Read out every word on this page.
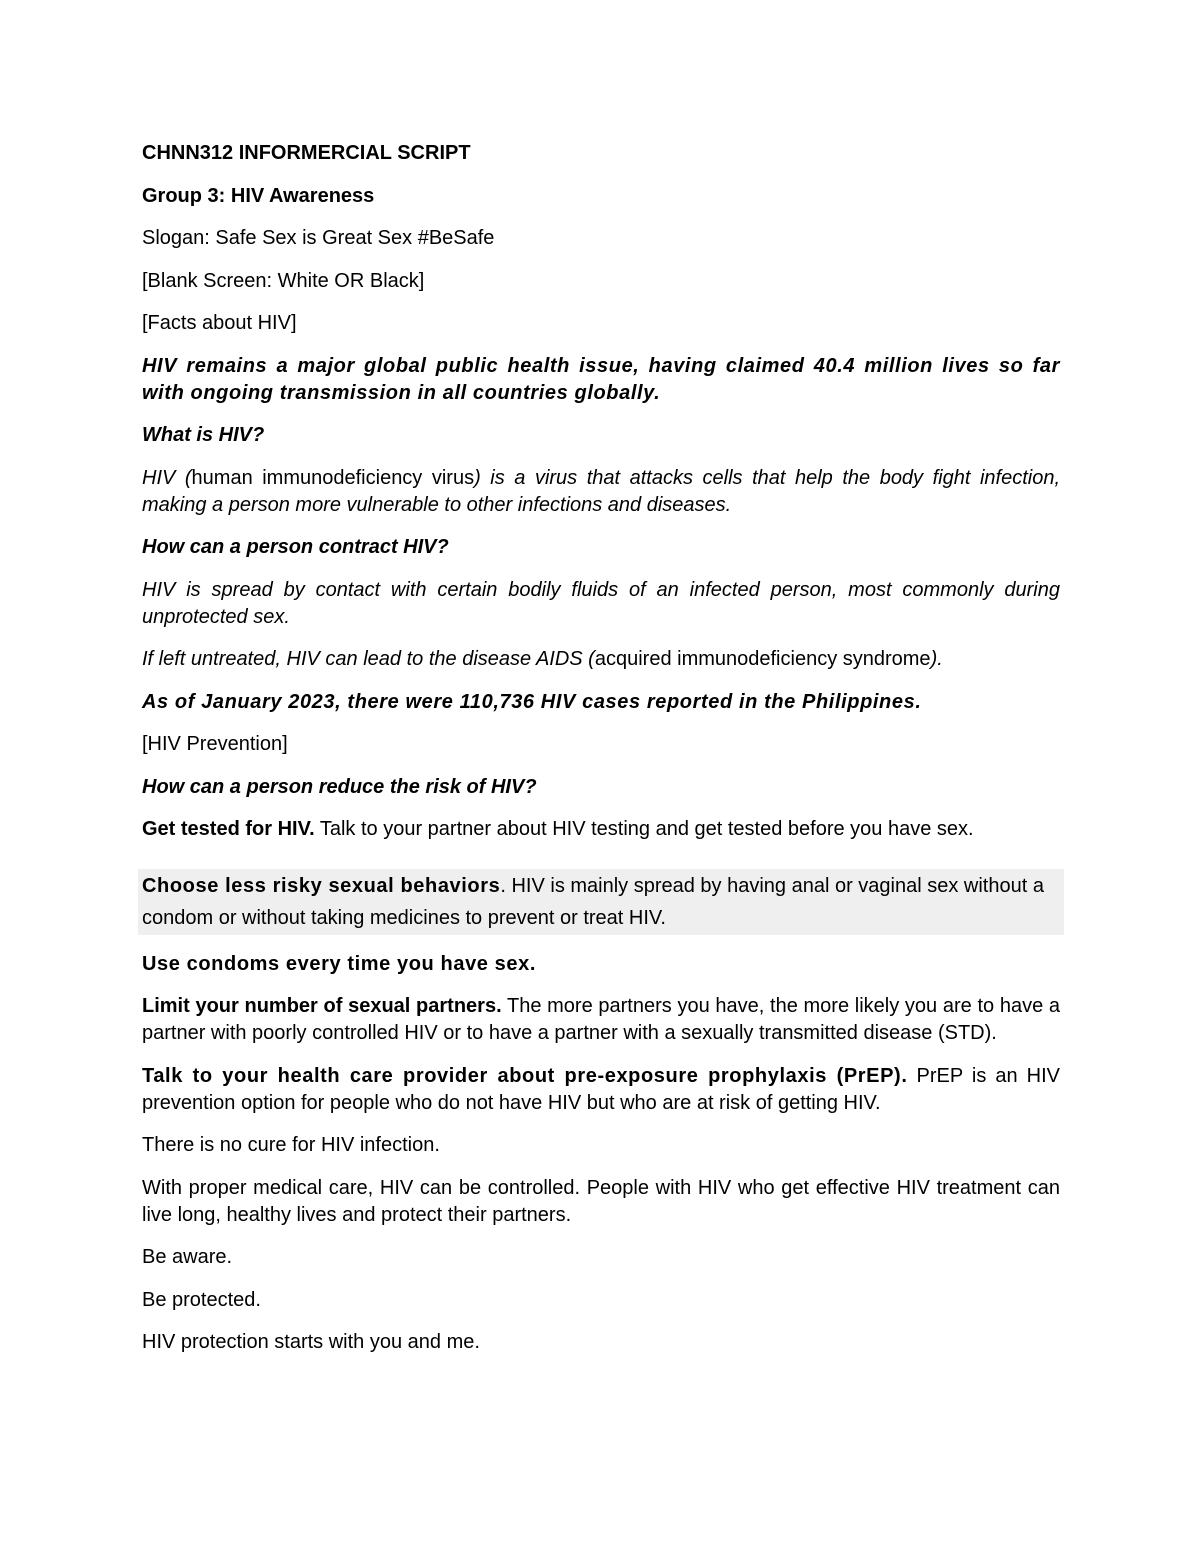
CHNN312 INFORMERCIAL SCRIPT

Group 3: HIV Awareness

Slogan: Safe Sex is Great Sex #BeSafe

[Blank Screen: White OR Black]

[Facts about HIV]

HIV remains a major global public health issue, having claimed 40.4 million lives so far with ongoing transmission in all countries globally.

What is HIV?

HIV (human immunodeficiency virus) is a virus that attacks cells that help the body fight infection, making a person more vulnerable to other infections and diseases.

How can a person contract HIV?

HIV is spread by contact with certain bodily fluids of an infected person, most commonly during unprotected sex.

If left untreated, HIV can lead to the disease AIDS (acquired immunodeficiency syndrome).

As of January 2023, there were 110,736 HIV cases reported in the Philippines.

[HIV Prevention]

How can a person reduce the risk of HIV?

Get tested for HIV. Talk to your partner about HIV testing and get tested before you have sex.

Choose less risky sexual behaviors. HIV is mainly spread by having anal or vaginal sex without a condom or without taking medicines to prevent or treat HIV.

Use condoms every time you have sex.

Limit your number of sexual partners. The more partners you have, the more likely you are to have a partner with poorly controlled HIV or to have a partner with a sexually transmitted disease (STD).

Talk to your health care provider about pre-exposure prophylaxis (PrEP). PrEP is an HIV prevention option for people who do not have HIV but who are at risk of getting HIV.

There is no cure for HIV infection.

With proper medical care, HIV can be controlled. People with HIV who get effective HIV treatment can live long, healthy lives and protect their partners.

Be aware.

Be protected.

HIV protection starts with you and me.
